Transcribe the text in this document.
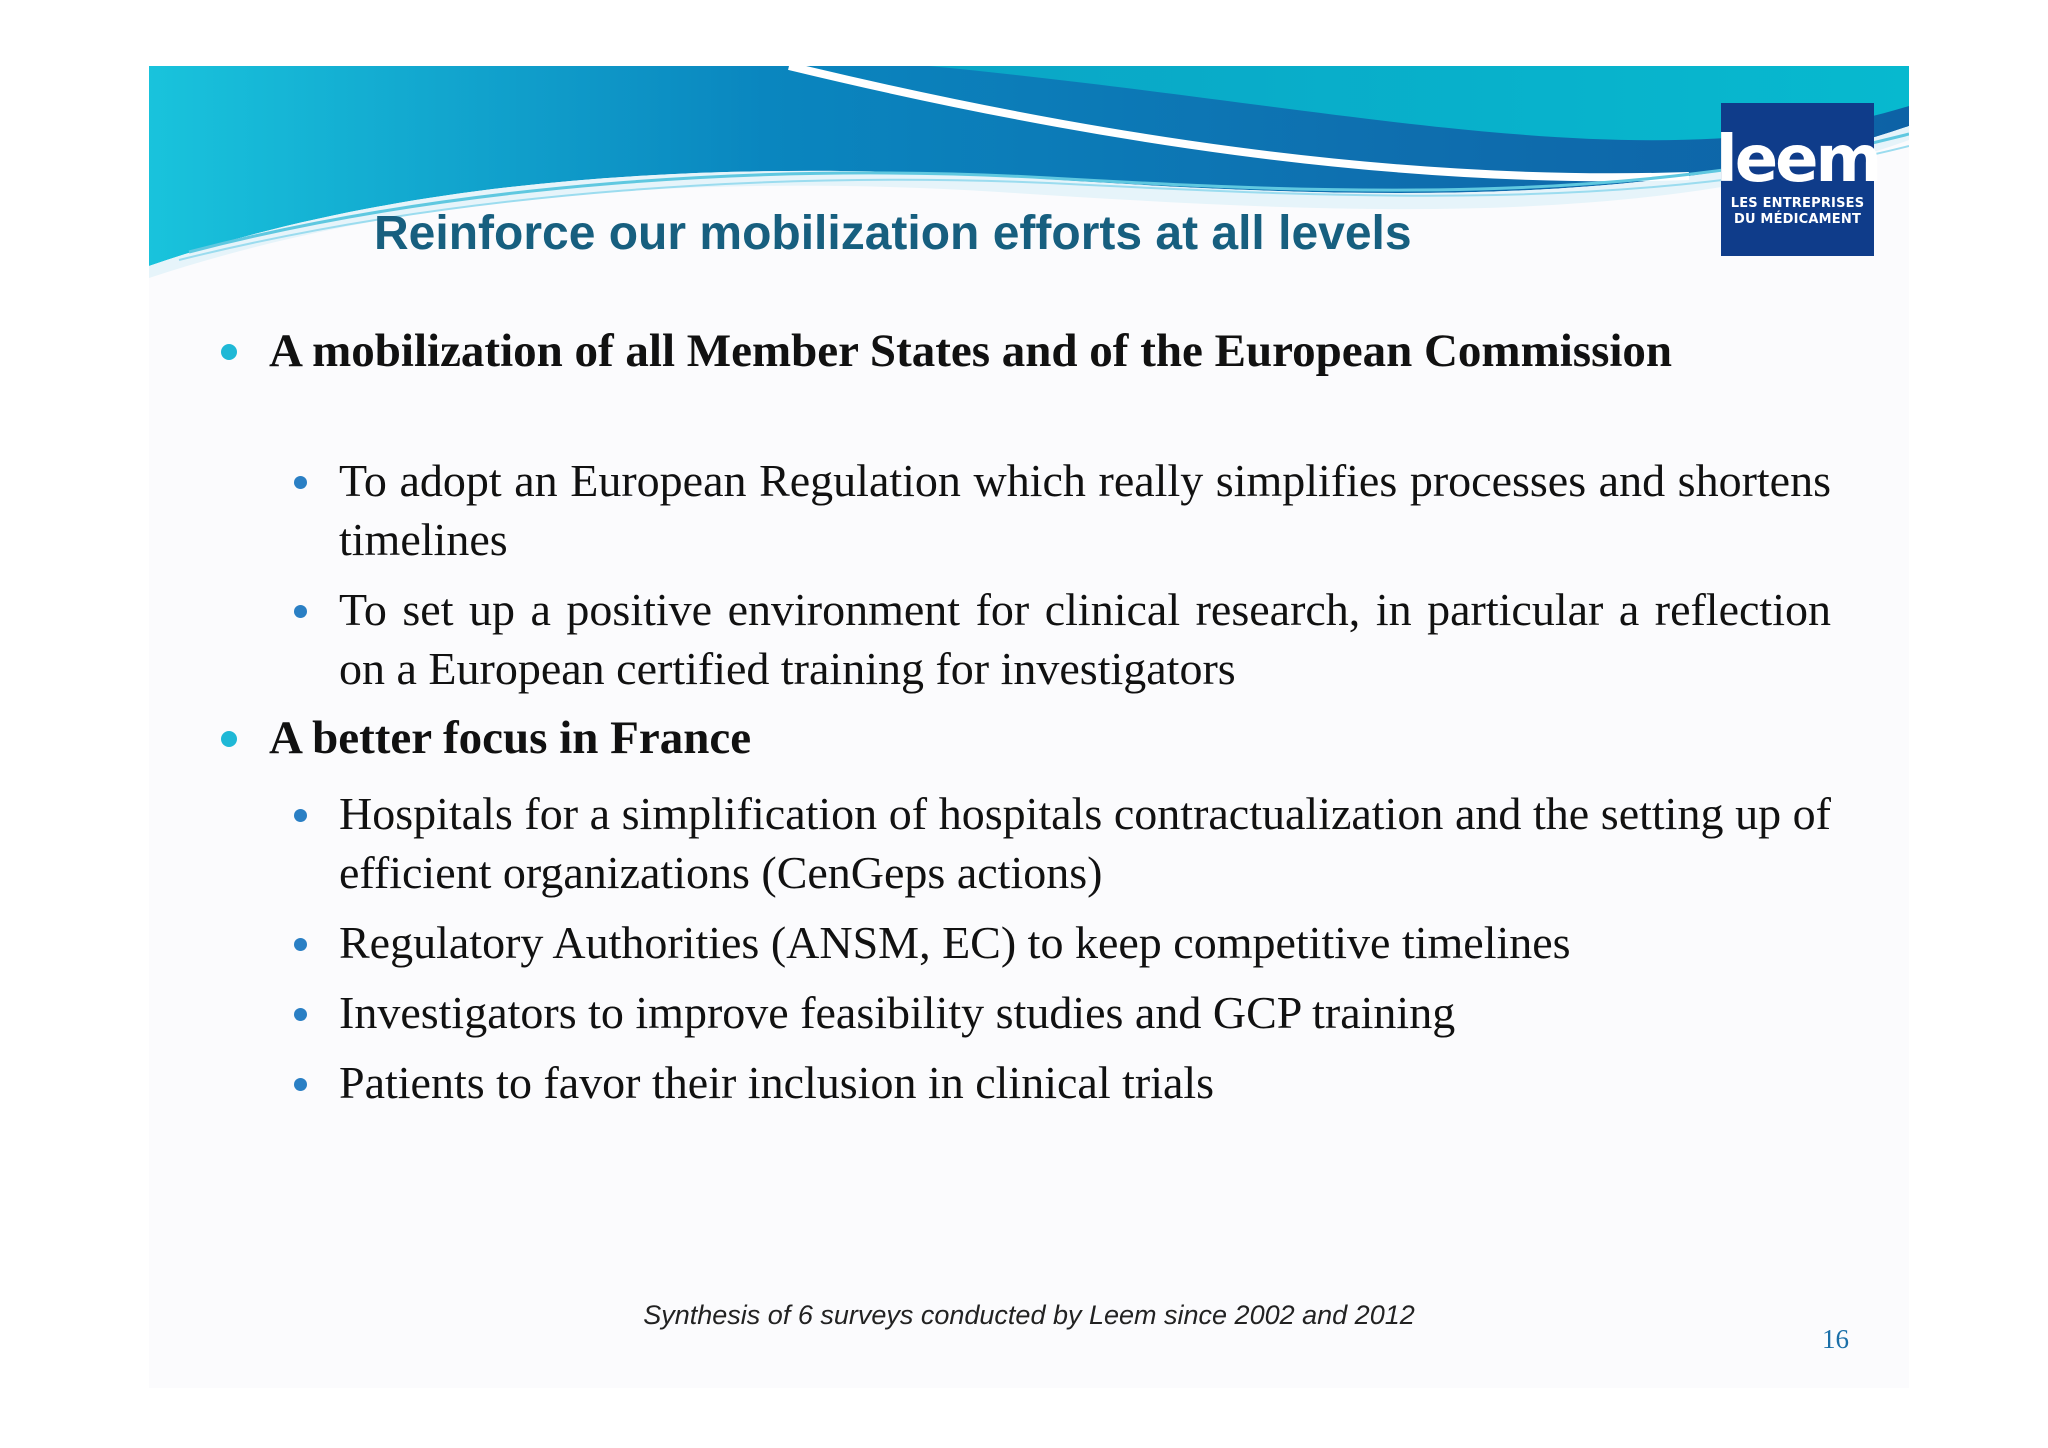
leem
LES ENTREPRISES
DU MÉDICAMENT
Reinforce our mobilization efforts at all levels
A mobilization of all Member States and of the European Commission
To adopt an European Regulation which really simplifies processes and shortens timelines
To set up a positive environment for clinical research, in particular a reflection on a European certified training for investigators
A better focus in France
Hospitals for a simplification of hospitals contractualization and the setting up of efficient organizations (CenGeps actions)
Regulatory Authorities (ANSM, EC) to keep competitive timelines
Investigators to improve feasibility studies and GCP training
Patients to favor their inclusion in clinical trials
Synthesis of 6 surveys conducted by Leem since 2002 and 2012
16
